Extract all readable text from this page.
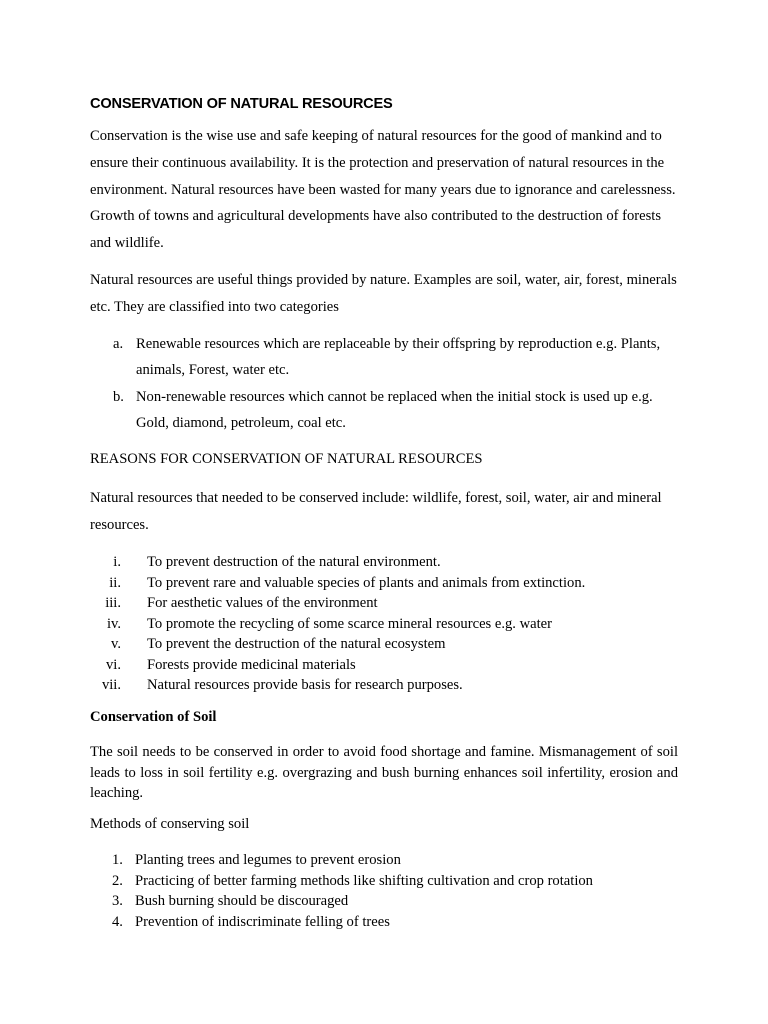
CONSERVATION OF NATURAL RESOURCES

Conservation is the wise use and safe keeping of natural resources for the good of mankind and to ensure their continuous availability. It is the protection and preservation of natural resources in the environment. Natural resources have been wasted for many years due to ignorance and carelessness. Growth of towns and agricultural developments have also contributed to the destruction of forests and wildlife.

Natural resources are useful things provided by nature. Examples are soil, water, air, forest, minerals etc. They are classified into two categories

a. Renewable resources which are replaceable by their offspring by reproduction e.g. Plants, animals, Forest, water etc.
b. Non-renewable resources which cannot be replaced when the initial stock is used up e.g. Gold, diamond, petroleum, coal etc.

REASONS FOR CONSERVATION OF NATURAL RESOURCES

Natural resources that needed to be conserved include: wildlife, forest, soil, water, air and mineral resources.

i. To prevent destruction of the natural environment.
ii. To prevent rare and valuable species of plants and animals from extinction.
iii. For aesthetic values of the environment
iv. To promote the recycling of some scarce mineral resources e.g. water
v. To prevent the destruction of the natural ecosystem
vi. Forests provide medicinal materials
vii. Natural resources provide basis for research purposes.

Conservation of Soil

The soil needs to be conserved in order to avoid food shortage and famine. Mismanagement of soil leads to loss in soil fertility e.g. overgrazing and bush burning enhances soil infertility, erosion and leaching.

Methods of conserving soil

1. Planting trees and legumes to prevent erosion
2. Practicing of better farming methods like shifting cultivation and crop rotation
3. Bush burning should be discouraged
4. Prevention of indiscriminate felling of trees
